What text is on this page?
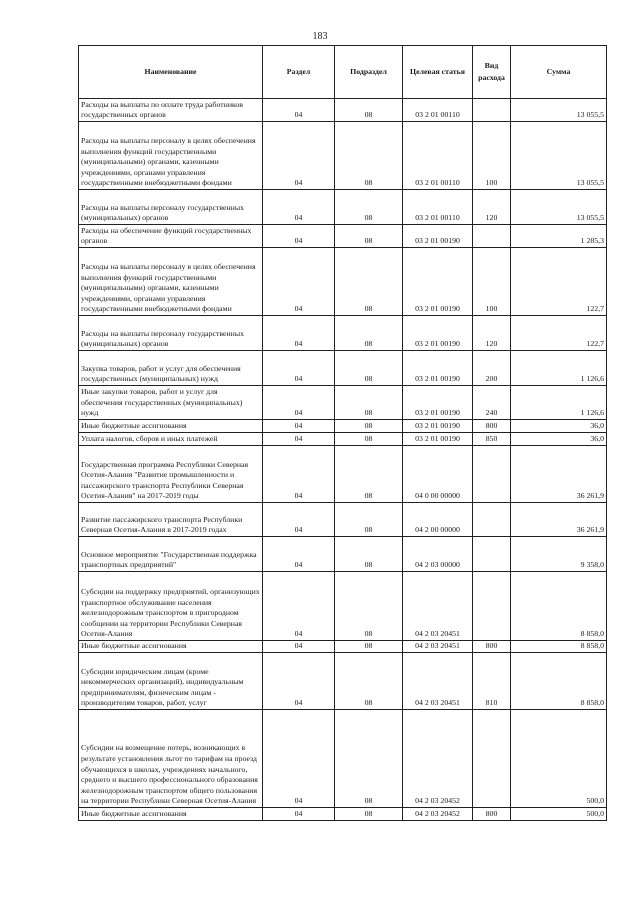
183
Наименование	Раздел	Подраздел	Целевая статья	Вид расхода	Сумма
Расходы на выплаты по оплате труда работников государственных органов	04	08	03 2 01 00110		13 055,5
Расходы на выплаты персоналу в целях обеспечения выполнения функций государственными (муниципальными) органами, казенными учреждениями, органами управления государственными внебюджетными фондами	04	08	03 2 01 00110	100	13 055,5
Расходы на выплаты персоналу государственных (муниципальных) органов	04	08	03 2 01 00110	120	13 055,5
Расходы на обеспечение функций государственных органов	04	08	03 2 01 00190		1 285,3
Расходы на выплаты персоналу в целях обеспечения выполнения функций государственными (муниципальными) органами, казенными учреждениями, органами управления государственными внебюджетными фондами	04	08	03 2 01 00190	100	122,7
Расходы на выплаты персоналу государственных (муниципальных) органов	04	08	03 2 01 00190	120	122,7
Закупка товаров, работ и услуг для обеспечения государственных (муниципальных) нужд	04	08	03 2 01 00190	200	1 126,6
Иные закупки товаров, работ и услуг для обеспечения государственных (муниципальных) нужд	04	08	03 2 01 00190	240	1 126,6
Иные бюджетные ассигнования	04	08	03 2 01 00190	800	36,0
Уплата налогов, сборов и иных платежей	04	08	03 2 01 00190	850	36,0
Государственная программа Республики Северная Осетия-Алания "Развитие промышленности и пассажирского транспорта Республики Северная Осетия-Алания" на 2017-2019 годы	04	08	04 0 00 00000		36 261,9
Развитие пассажирского транспорта Республики Северная Осетия-Алания в 2017-2019 годах	04	08	04 2 00 00000		36 261,9
Основное мероприятие "Государственная поддержка транспортных предприятий"	04	08	04 2 03 00000		9 358,0
Субсидии на поддержку предприятий, организующих транспортное обслуживание населения железнодорожным транспортом в пригородном сообщении на территории Республики Северная Осетия-Алания	04	08	04 2 03 20451		8 858,0
Иные бюджетные ассигнования	04	08	04 2 03 20451	800	8 858,0
Субсидии юридическим лицам (кроме некоммерческих организаций), индивидуальным предпринимателям, физическим лицам - производителям товаров, работ, услуг	04	08	04 2 03 20451	810	8 858,0
Субсидии на возмещение потерь, возникающих в результате установления льгот по тарифам на проезд обучающихся в школах, учреждениях начального, среднего и высшего профессионального образования железнодорожным транспортом общего пользования на территории Республики Северная Осетия-Алания	04	08	04 2 03 20452		500,0
Иные бюджетные ассигнования	04	08	04 2 03 20452	800	500,0
